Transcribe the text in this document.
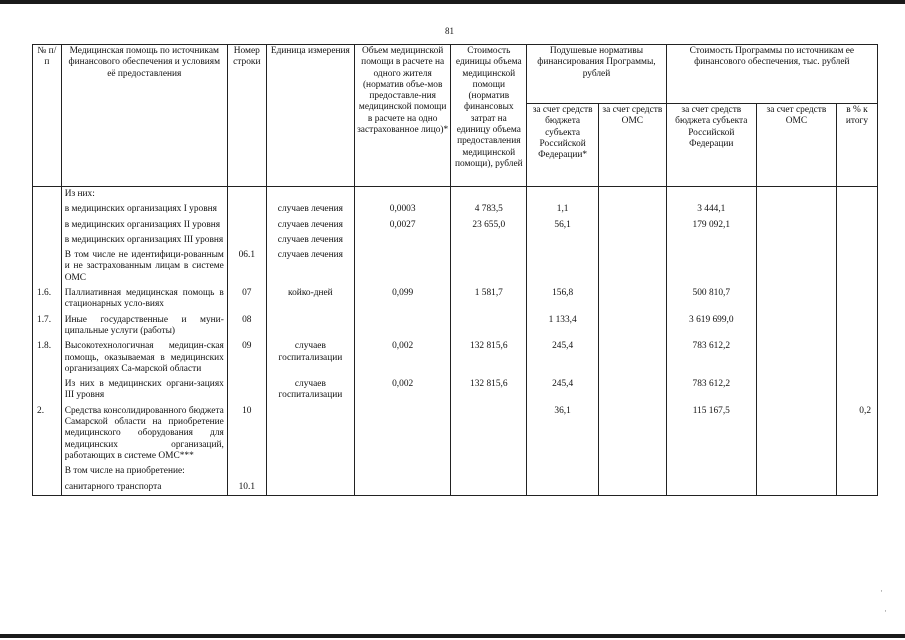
81
№ п/п	Медицинская помощь по источникам финансового обеспечения и условиям её предоставления	Номер строки	Единица измерения	Объем медицинской помощи в расчете на одного жителя (норматив объе-мов предоставле-ния медицинской помощи в расчете на одно застрахованное лицо)*	Стоимость единицы объема медицинской помощи (норматив финансовых затрат на единицу объема предоставления медицинской помощи), рублей	Подушевые нормативы финансирования Программы, рублей		Стоимость Программы по источникам ее финансового обеспечения, тыс. рублей		
						за счет средств бюджета субъекта Российской Федерации*	за счет средств ОМС	за счет средств бюджета субъекта Российской Федерации	за счет средств ОМС	в % к итогу
	Из них:									
	в медицинских организациях I уровня		случаев лечения	0,0003	4 783,5	1,1		3 444,1		
	в медицинских организациях II уровня		случаев лечения	0,0027	23 655,0	56,1		179 092,1		
	в медицинских организациях III уровня		случаев лечения							
	В том числе не идентифици-рованным и не застрахованным лицам в системе ОМС	06.1	случаев лечения							
1.6.	Паллиативная медицинская помощь в стационарных усло-виях	07	койко-дней	0,099	1 581,7	156,8		500 810,7		
1.7.	Иные государственные и муни-ципальные услуги (работы)	08				1 133,4		3 619 699,0		
1.8.	Высокотехнологичная медицин-ская помощь, оказываемая в медицинских организациях Са-марской области	09	случаев госпитализации	0,002	132 815,6	245,4		783 612,2		
	Из них в медицинских органи-зациях III уровня		случаев госпитализации	0,002	132 815,6	245,4		783 612,2		
2.	Средства консолидированного бюджета Самарской области на приобретение медицинского оборудования для медицинских организаций, работающих в системе ОМС***	10				36,1		115 167,5		0,2
	В том числе на приобретение:									
	санитарного транспорта	10.1								
·
·
